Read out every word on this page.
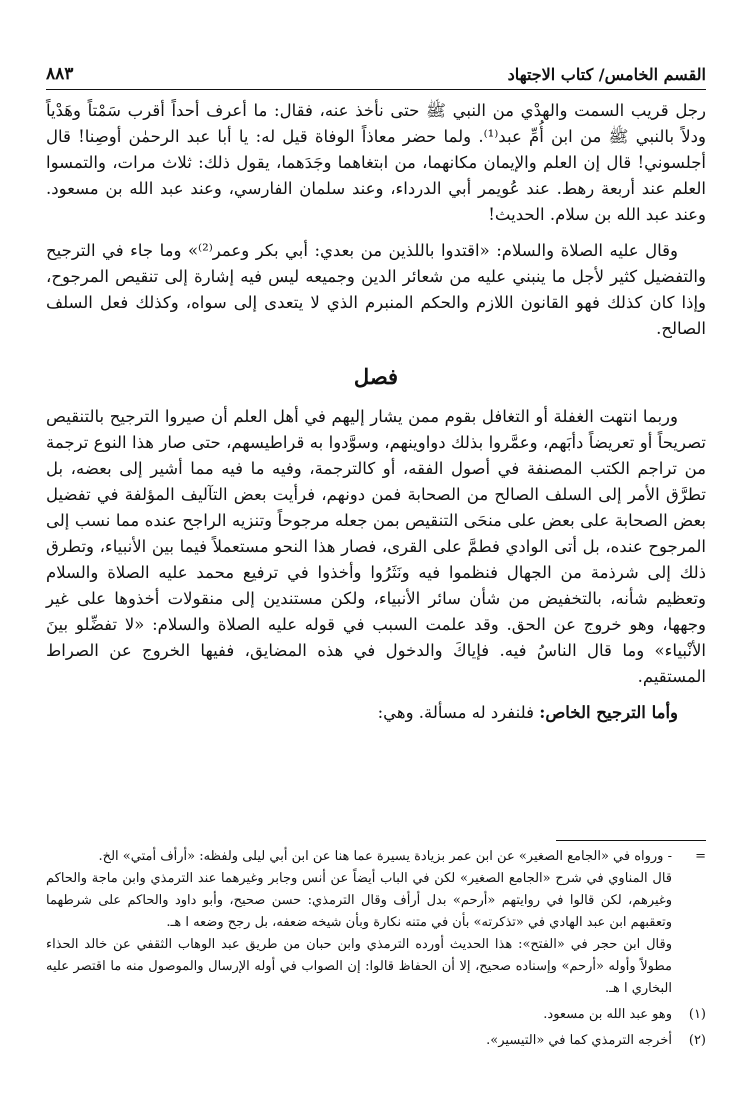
القسم الخامس/ كتاب الاجتهاد
٨٨٣

رجل قريب السمت والهدْي من النبي ﷺ حتى نأخذ عنه، فقال: ما أعرف أحداً أقرب سَمْتاً وهَدْياً ودلاً بالنبي ﷺ من ابن أُمِّ عبد⁽¹⁾. ولما حضر معاذاً الوفاة قيل له: يا أبا عبد الرحمٰن أوصِنا! قال أجلسوني! قال إن العلم والإيمان مكانهما، من ابتغاهما وجَدَهما، يقول ذلك: ثلاث مرات، والتمسوا العلم عند أربعة رهط. عند عُويمر أبي الدرداء، وعند سلمان الفارسي، وعند عبد الله بن مسعود. وعند عبد الله بن سلام. الحديث!

وقال عليه الصلاة والسلام: «اقتدوا باللذين من بعدي: أبي بكر وعمر⁽²⁾» وما جاء في الترجيح والتفضيل كثير لأجل ما ينبني عليه من شعائر الدين وجميعه ليس فيه إشارة إلى تنقيص المرجوح، وإذا كان كذلك فهو القانون اللازم والحكم المنبرم الذي لا يتعدى إلى سواه، وكذلك فعل السلف الصالح.

فصل

وربما انتهت الغفلة أو التغافل بقوم ممن يشار إليهم في أهل العلم أن صيروا الترجيح بالتنقيص تصريحاً أو تعريضاً دأبَهم، وعمَّروا بذلك دواوينهم، وسوَّدوا به قراطيسهم، حتى صار هذا النوع ترجمة من تراجم الكتب المصنفة في أصول الفقه، أو كالترجمة، وفيه ما فيه مما أشير إلى بعضه، بل تطرَّق الأمر إلى السلف الصالح من الصحابة فمن دونهم، فرأيت بعض التآليف المؤلفة في تفضيل بعض الصحابة على بعض على منحَى التنقيص بمن جعله مرجوحاً وتنزيه الراجح عنده مما نسب إلى المرجوح عنده، بل أتى الوادي فطمَّ على القرى، فصار هذا النحو مستعملاً فيما بين الأنبياء، وتطرق ذلك إلى شرذمة من الجهال فنظموا فيه ونَثَرُوا وأخذوا في ترفيع محمد عليه الصلاة والسلام وتعظيم شأنه، بالتخفيض من شأن سائر الأنبياء، ولكن مستندين إلى منقولات أخذوها على غير وجهها، وهو خروج عن الحق. وقد علمت السبب في قوله عليه الصلاة والسلام: «لا تفضِّلو بينَ الأنْبياء» وما قال الناسُ فيه. فإياكَ والدخول في هذه المضايق، ففيها الخروج عن الصراط المستقيم.

وأما الترجيح الخاص: فلنفرد له مسألة. وهي:

=

- ورواه في «الجامع الصغير» عن ابن عمر بزيادة يسيرة عما هنا عن ابن أبي ليلى ولفظه: «أرأف أمتي» الخ.

قال المناوي في شرح «الجامع الصغير» لكن في الباب أيضاً عن أنس وجابر وغيرهما عند الترمذي وابن ماجة والحاكم وغيرهم، لكن قالوا في روايتهم «أرحم» بدل أرأف وقال الترمذي: حسن صحيح، وأبو داود والحاكم على شرطهما وتعقبهم ابن عبد الهادي في «تذكرته» بأن في متنه نكارة وبأن شيخه ضعفه، بل رجح وضعه ا هـ.

وقال ابن حجر في «الفتح»: هذا الحديث أورده الترمذي وابن حبان من طريق عبد الوهاب الثقفي عن خالد الحذاء مطولاً وأوله «أرحم» وإسناده صحيح، إلا أن الحفاظ قالوا: إن الصواب في أوله الإرسال والموصول منه ما اقتصر عليه البخاري ا هـ.

(١)
وهو عبد الله بن مسعود.
(٢)
أخرجه الترمذي كما في «التيسير».
